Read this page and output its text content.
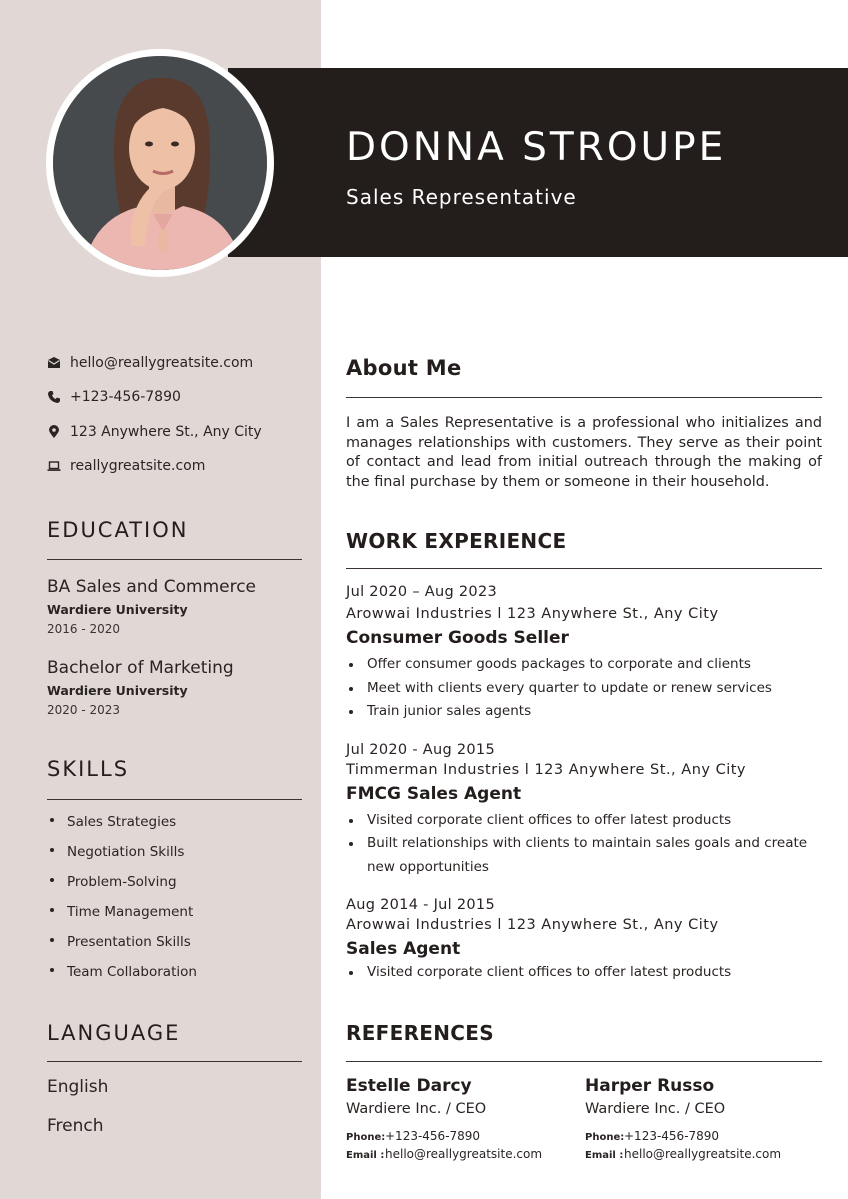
DONNA STROUPE
Sales Representative
hello@reallygreatsite.com
+123-456-7890
123 Anywhere St., Any City
reallygreatsite.com
EDUCATION
BA Sales and Commerce
Wardiere University
2016 - 2020
Bachelor of Marketing
Wardiere University
2020 - 2023
SKILLS
Sales Strategies
Negotiation Skills
Problem-Solving
Time Management
Presentation Skills
Team Collaboration
LANGUAGE
English
French
About Me
I am a Sales Representative is a professional who initializes and manages relationships with customers. They serve as their point of contact and lead from initial outreach through the making of the final purchase by them or someone in their household.
WORK EXPERIENCE
Jul 2020 – Aug 2023
Arowwai Industries l 123 Anywhere St., Any City
Consumer Goods Seller
Offer consumer goods packages to corporate and clients
Meet with clients every quarter to update or renew services
Train junior sales agents
Jul 2020 - Aug 2015
Timmerman Industries l 123 Anywhere St., Any City
FMCG Sales Agent
Visited corporate client offices to offer latest products
Built relationships with clients to maintain sales goals and create new opportunities
Aug 2014 - Jul 2015
Arowwai Industries l 123 Anywhere St., Any City
Sales Agent
Visited corporate client offices to offer latest products
REFERENCES
Estelle Darcy
Wardiere Inc. / CEO
Phone:+123-456-7890
Email :hello@reallygreatsite.com
Harper Russo
Wardiere Inc. / CEO
Phone:+123-456-7890
Email :hello@reallygreatsite.com
